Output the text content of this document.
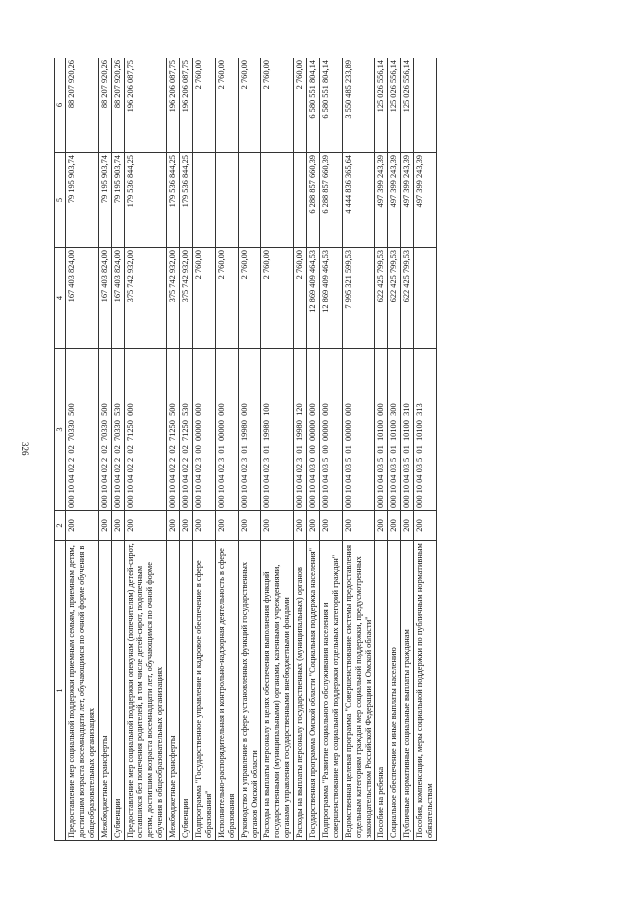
326
1	2	3	4	5	6
Предоставление мер социальной поддержки приемным семьям, приемным детям, достигшим возраста восемнадцати лет, обучающимся по очной форме обучения в общеобразовательных организациях	200	000 10 04 02 2  02  70330  500	167 403 824,00	79 195 903,74	88 207 920,26
Межбюджетные трансферты	200	000 10 04 02 2  02  70330  500	167 403 824,00	79 195 903,74	88 207 920,26
Субвенции	200	000 10 04 02 2  02  70330  530	167 403 824,00	79 195 903,74	88 207 920,26
Предоставление мер социальной поддержки опекунам (попечителям) детей-сирот, оставшихся без попечения родителей, в том числе детей-сирот, подопечным детям, достигшим возраста восемнадцати лет, обучающимся по очной форме обучения в общеобразовательных организациях	200	000 10 04 02 2  02  71250  000	375 742 932,00	179 536 844,25	196 206 087,75
Межбюджетные трансферты	200	000 10 04 02 2  02  71250  500	375 742 932,00	179 536 844,25	196 206 087,75
Субвенции	200	000 10 04 02 2  02  71250  530	375 742 932,00	179 536 844,25	196 206 087,75
Подпрограмма "Государственное управление и кадровое обеспечение в сфере образования"	200	000 10 04 02 3  00  00000  000	2 760,00		2 760,00
Исполнительно-распорядительная и контрольно-надзорная деятельность в сфере образования	200	000 10 04 02 3  01  00000  000	2 760,00		2 760,00
Руководство и управление в сфере установленных функций государственных органов Омской области	200	000 10 04 02 3  01  19980  000	2 760,00		2 760,00
Расходы на выплаты персоналу в целях обеспечения выполнения функций государственными (муниципальными) органами, казенными учреждениями, органами управления государственными внебюджетными фондами	200	000 10 04 02 3  01  19980  100	2 760,00		2 760,00
Расходы на выплаты персоналу государственных (муниципальных) органов	200	000 10 04 02 3  01  19980  120	2 760,00		2 760,00
Государственная программа Омской области "Социальная поддержка населения"	200	000 10 04 03 0  00  00000  000	12 869 409 464,53	6 288 857 660,39	6 580 551 804,14
Подпрограмма "Развитие социального обслуживания населения и совершенствование мер социальной поддержки отдельных категорий граждан"	200	000 10 04 03 5  00  00000  000	12 869 409 464,53	6 288 857 660,39	6 580 551 804,14
Ведомственная целевая программа "Совершенствование системы предоставления отдельным категориям граждан мер социальной поддержки, предусмотренных законодательством Российской Федерации и Омской области"	200	000 10 04 03 5  01  00000  000	7 995 321 599,53	4 444 836 365,64	3 550 485 233,89
Пособие на ребенка	200	000 10 04 03 5  01  10100  000	622 425 799,53	497 399 243,39	125 026 556,14
Социальное обеспечение и иные выплаты населению	200	000 10 04 03 5  01  10100  300	622 425 799,53	497 399 243,39	125 026 556,14
Публичные нормативные социальные выплаты гражданам	200	000 10 04 03 5  01  10100  310	622 425 799,53	497 399 243,39	125 026 556,14
Пособия, компенсации, меры социальной поддержки по публичным нормативным обязательствам	200	000 10 04 03 5  01  10100  313		497 399 243,39	
